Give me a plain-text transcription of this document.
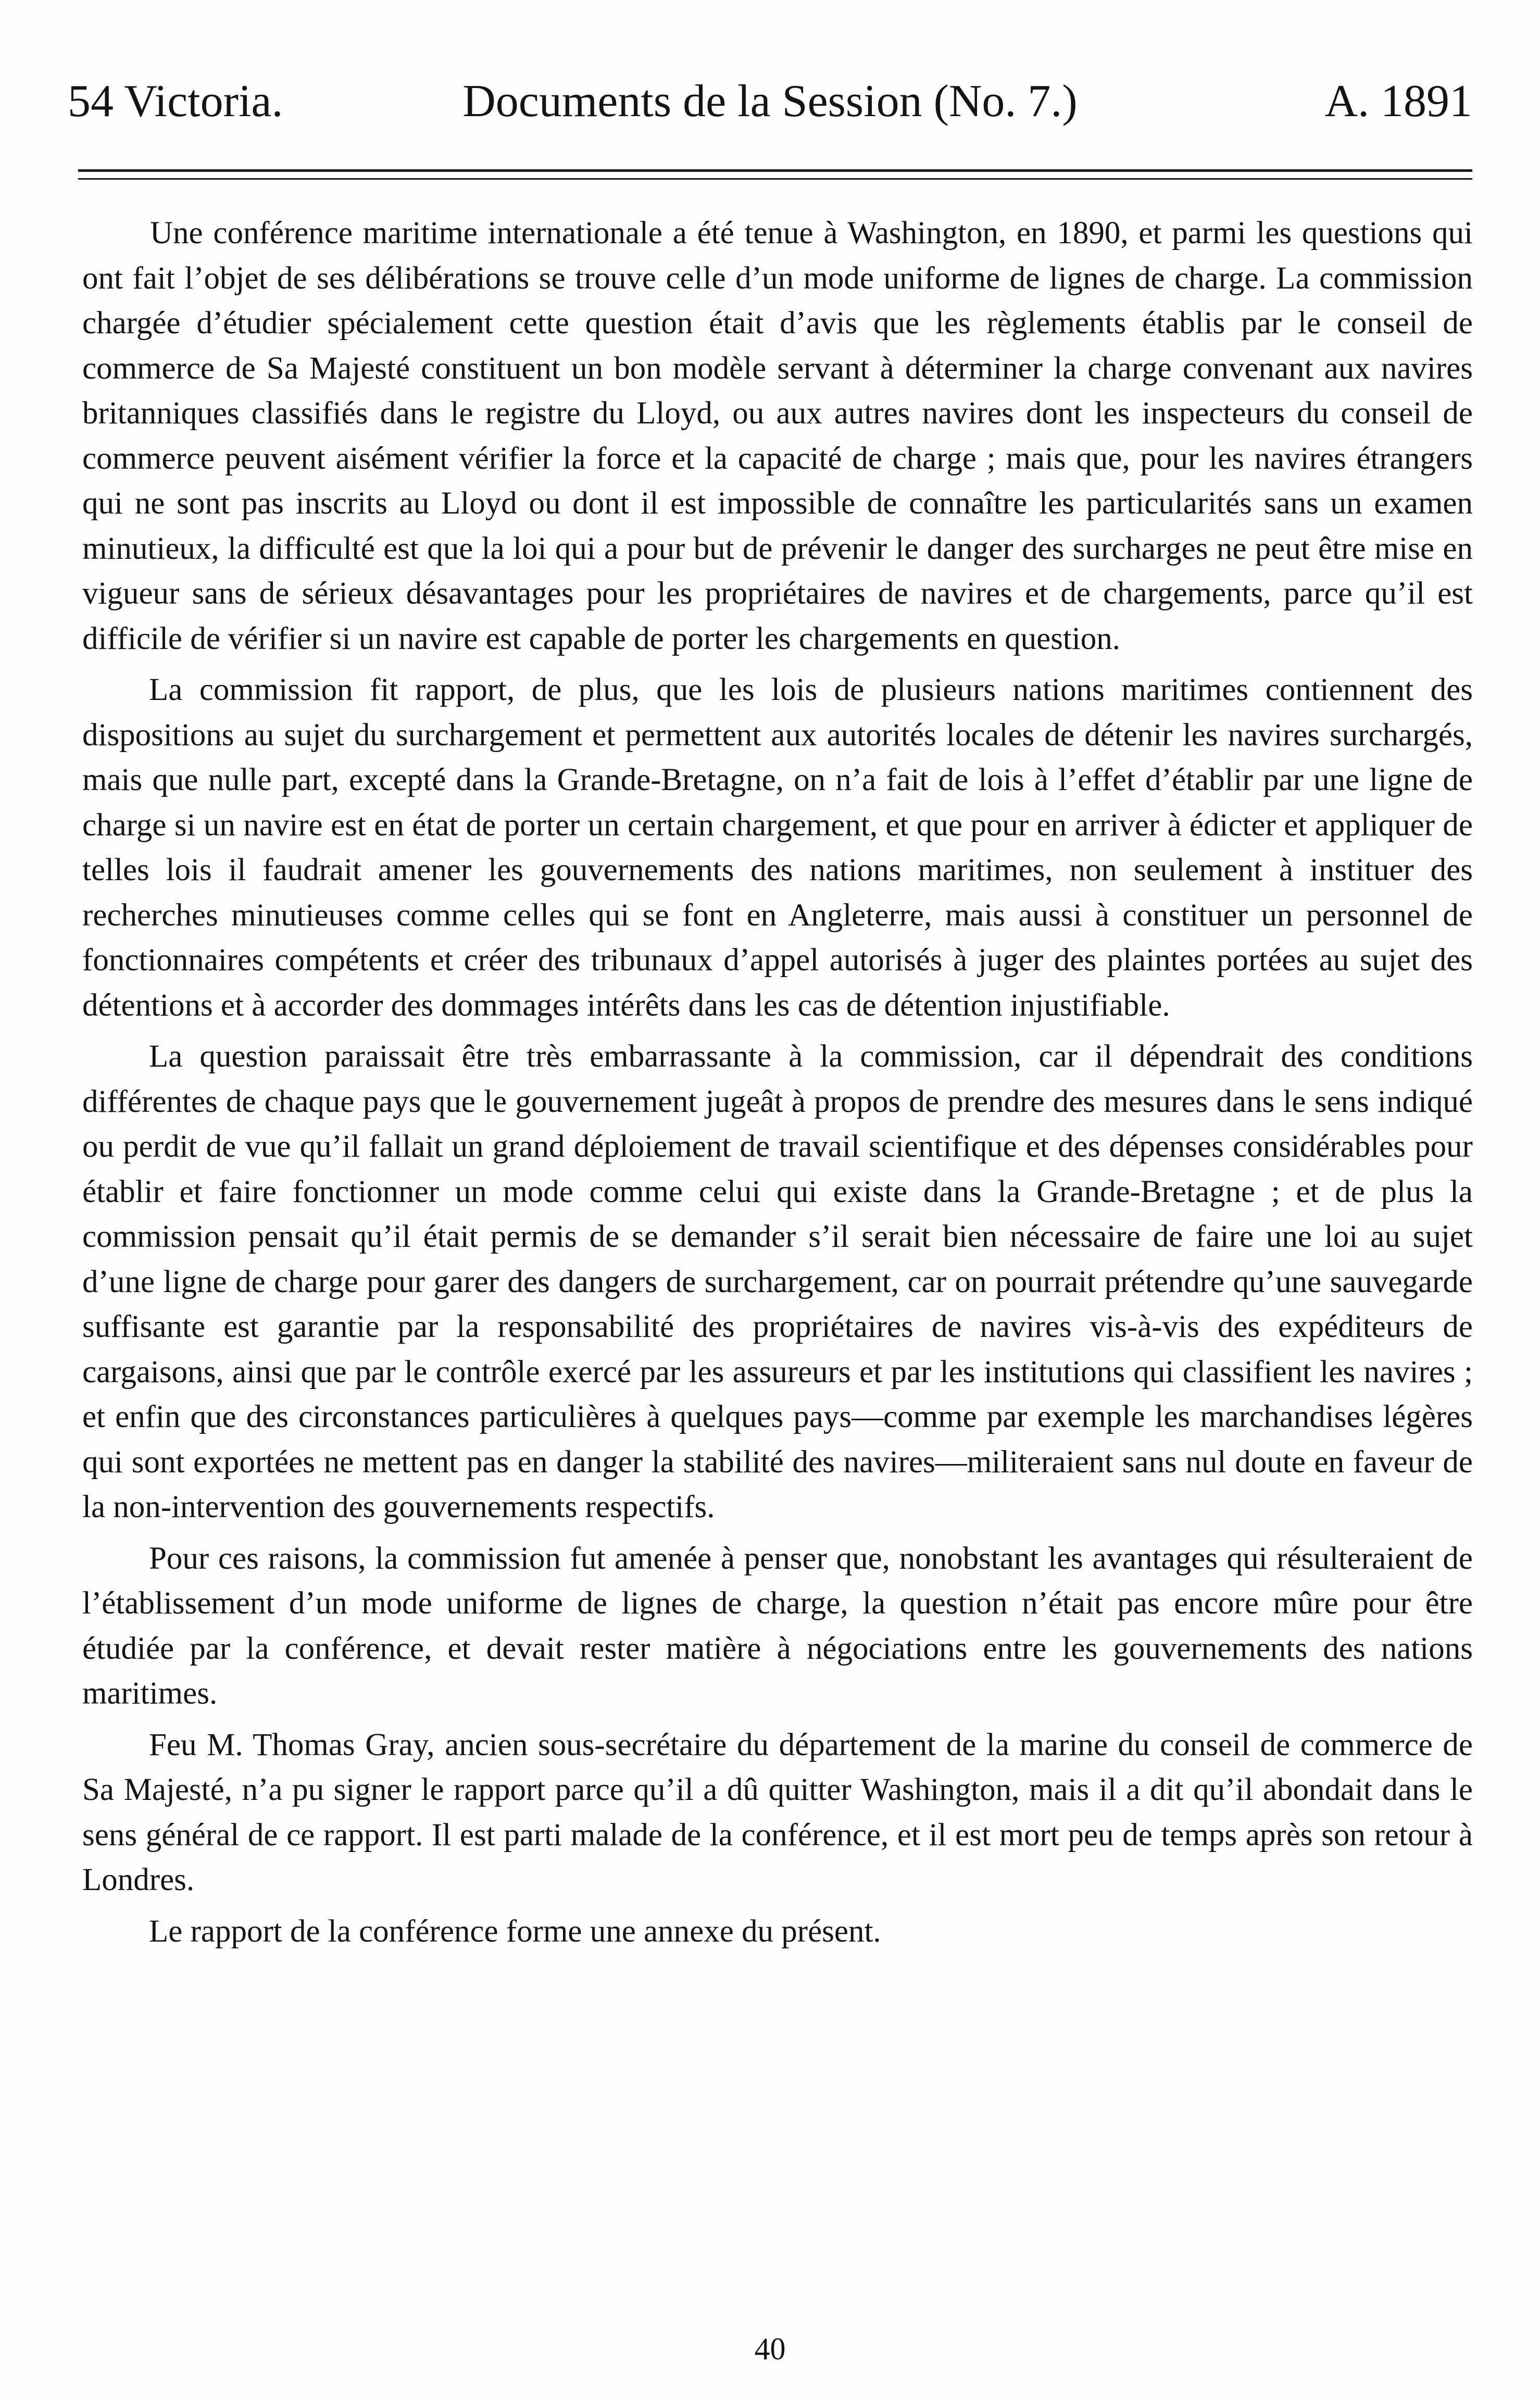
54 Victoria.	Documents de la Session (No. 7.)	A. 1891

Une conférence maritime internationale a été tenue à Washington, en 1890, et parmi les questions qui ont fait l’objet de ses délibérations se trouve celle d’un mode uniforme de lignes de charge. La commission chargée d’étudier spécialement cette question était d’avis que les règlements établis par le conseil de commerce de Sa Majesté constituent un bon modèle servant à déterminer la charge convenant aux navires britanniques classifiés dans le registre du Lloyd, ou aux autres navires dont les inspecteurs du conseil de commerce peuvent aisément vérifier la force et la capacité de charge ; mais que, pour les navires étrangers qui ne sont pas inscrits au Lloyd ou dont il est impossible de connaître les particularités sans un examen minutieux, la difficulté est que la loi qui a pour but de prévenir le danger des surcharges ne peut être mise en vigueur sans de sérieux désavantages pour les propriétaires de navires et de chargements, parce qu’il est difficile de vérifier si un navire est capable de porter les chargements en question.

La commission fit rapport, de plus, que les lois de plusieurs nations maritimes contiennent des dispositions au sujet du surchargement et permettent aux autorités locales de détenir les navires surchargés, mais que nulle part, excepté dans la Grande-Bretagne, on n’a fait de lois à l’effet d’établir par une ligne de charge si un navire est en état de porter un certain chargement, et que pour en arriver à édicter et appliquer de telles lois il faudrait amener les gouvernements des nations maritimes, non seulement à instituer des recherches minutieuses comme celles qui se font en Angleterre, mais aussi à constituer un personnel de fonctionnaires compétents et créer des tribunaux d’appel autorisés à juger des plaintes portées au sujet des détentions et à accorder des dommages intérêts dans les cas de détention injustifiable.

La question paraissait être très embarrassante à la commission, car il dépendrait des conditions différentes de chaque pays que le gouvernement jugeât à propos de prendre des mesures dans le sens indiqué ou perdit de vue qu’il fallait un grand déploiement de travail scientifique et des dépenses considérables pour établir et faire fonctionner un mode comme celui qui existe dans la Grande-Bretagne ; et de plus la commission pensait qu’il était permis de se demander s’il serait bien nécessaire de faire une loi au sujet d’une ligne de charge pour garer des dangers de surchargement, car on pourrait prétendre qu’une sauvegarde suffisante est garantie par la responsabilité des propriétaires de navires vis-à-vis des expéditeurs de cargaisons, ainsi que par le contrôle exercé par les assureurs et par les institutions qui classifient les navires ; et enfin que des circonstances particulières à quelques pays—comme par exemple les marchandises légères qui sont exportées ne mettent pas en danger la stabilité des navires—militeraient sans nul doute en faveur de la non-intervention des gouvernements respectifs.

Pour ces raisons, la commission fut amenée à penser que, nonobstant les avantages qui résulteraient de l’établissement d’un mode uniforme de lignes de charge, la question n’était pas encore mûre pour être étudiée par la conférence, et devait rester matière à négociations entre les gouvernements des nations maritimes.

Feu M. Thomas Gray, ancien sous-secrétaire du département de la marine du conseil de commerce de Sa Majesté, n’a pu signer le rapport parce qu’il a dû quitter Washington, mais il a dit qu’il abondait dans le sens général de ce rapport. Il est parti malade de la conférence, et il est mort peu de temps après son retour à Londres.

Le rapport de la conférence forme une annexe du présent.

40
